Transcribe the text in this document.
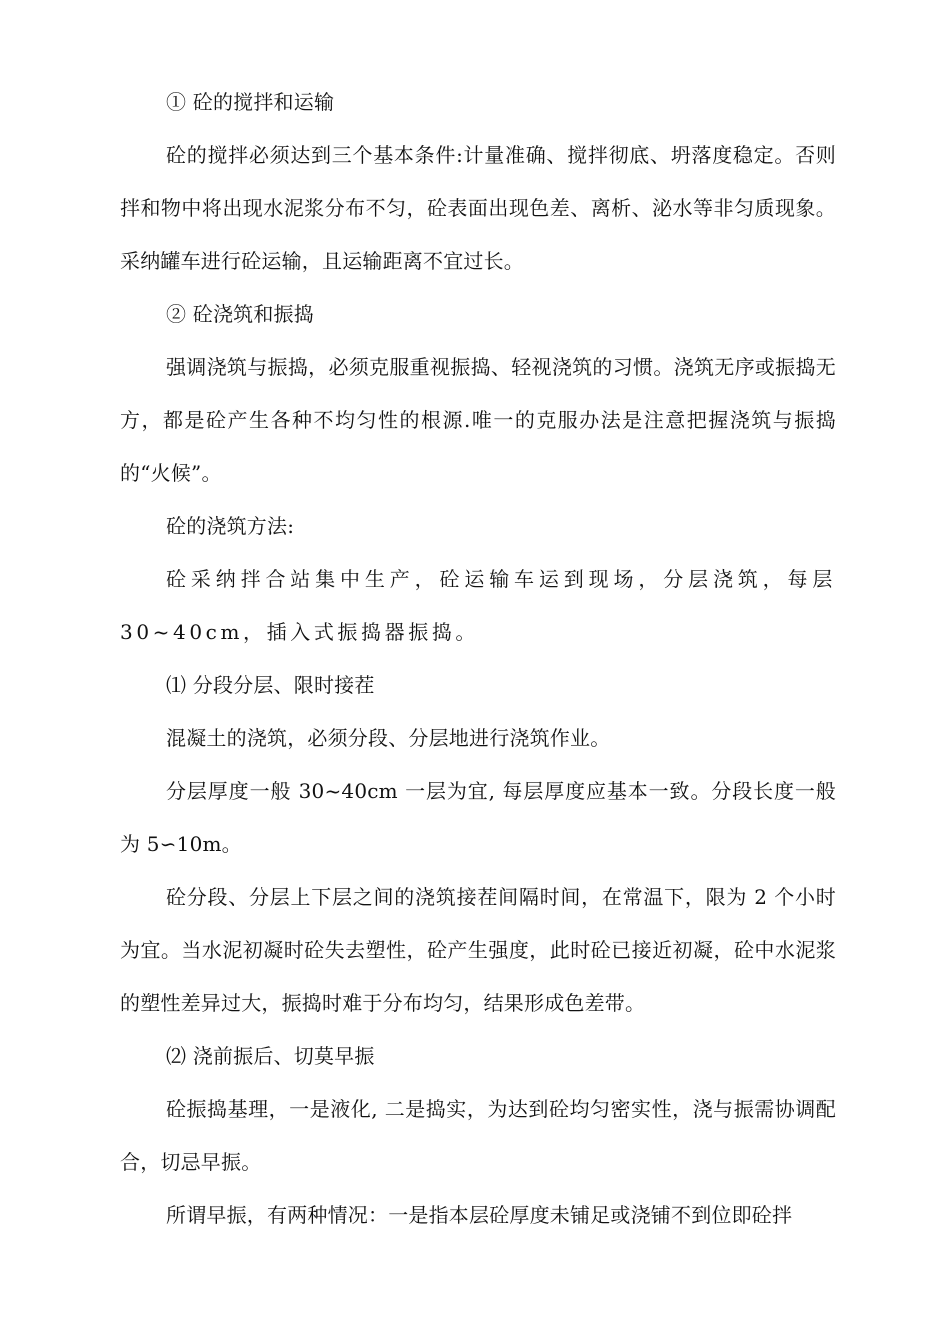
① 砼的搅拌和运输

砼的搅拌必须达到三个基本条件:计量准确、搅拌彻底、坍落度稳定。否则拌和物中将出现水泥浆分布不匀，砼表面出现色差、离析、泌水等非匀质现象。采纳罐车进行砼运输，且运输距离不宜过长。

② 砼浇筑和振捣

强调浇筑与振捣，必须克服重视振捣、轻视浇筑的习惯。浇筑无序或振捣无方，都是砼产生各种不均匀性的根源.唯一的克服办法是注意把握浇筑与振捣的“火候”。

砼的浇筑方法:

砼采纳拌合站集中生产，砼运输车运到现场，分层浇筑，每层30~40cm，插入式振捣器振捣。

⑴ 分段分层、限时接茬

混凝土的浇筑，必须分段、分层地进行浇筑作业。

分层厚度一般 30~40cm 一层为宜, 每层厚度应基本一致。分段长度一般为 5∽10m。

砼分段、分层上下层之间的浇筑接茬间隔时间，在常温下，限为 2 个小时为宜。当水泥初凝时砼失去塑性，砼产生强度，此时砼已接近初凝，砼中水泥浆的塑性差异过大，振捣时难于分布均匀，结果形成色差带。

⑵ 浇前振后、切莫早振

砼振捣基理，一是液化, 二是捣实，为达到砼均匀密实性，浇与振需协调配合，切忌早振。

所谓早振，有两种情况：一是指本层砼厚度未铺足或浇铺不到位即砼拌
